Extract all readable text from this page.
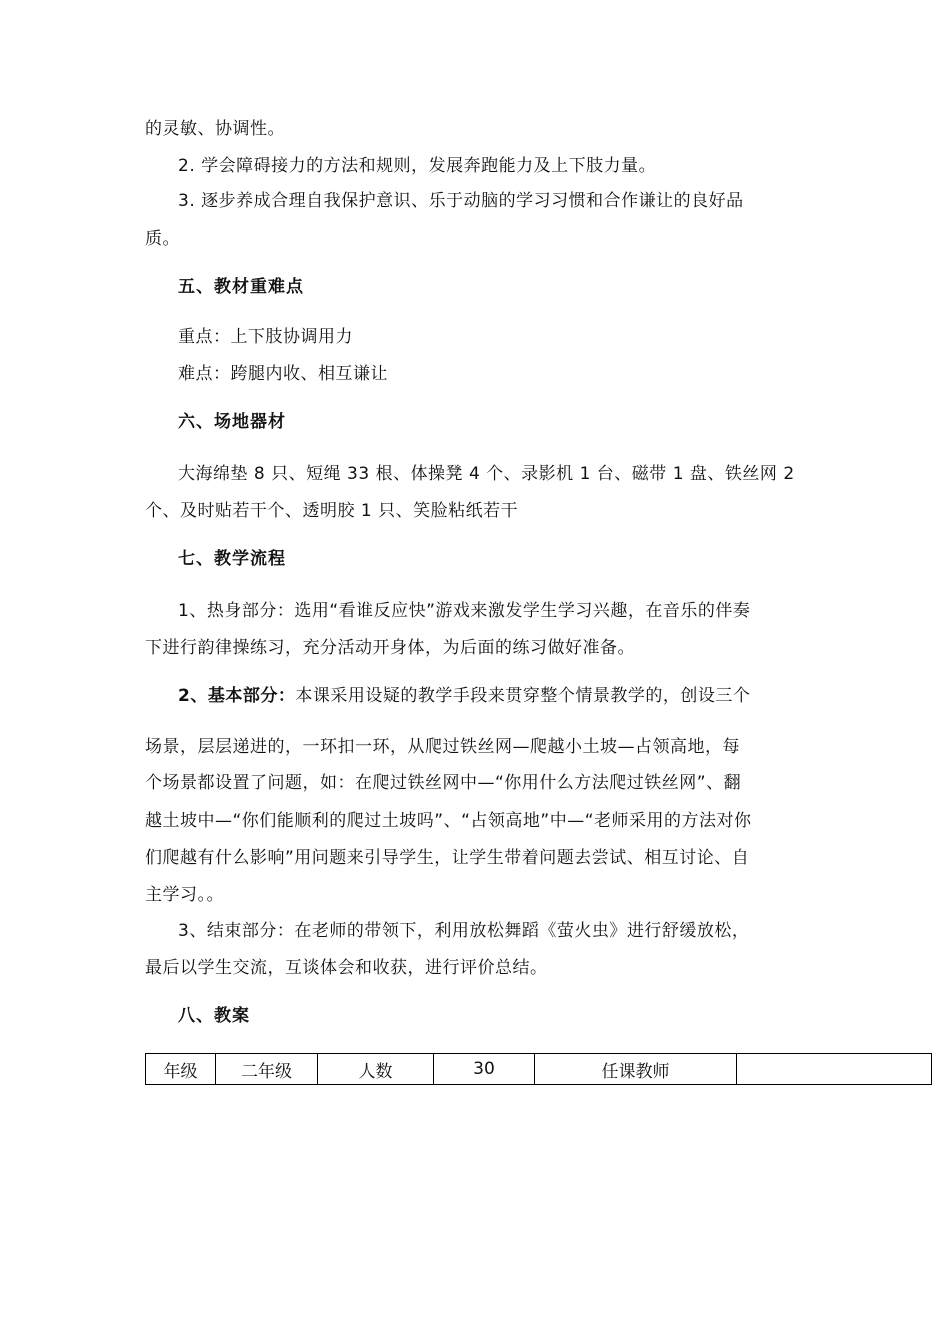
的灵敏、协调性。
2. 学会障碍接力的方法和规则，发展奔跑能力及上下肢力量。
3. 逐步养成合理自我保护意识、乐于动脑的学习习惯和合作谦让的良好品
质。
五、教材重难点
重点：上下肢协调用力
难点：跨腿内收、相互谦让
六、场地器材
大海绵垫 8 只、短绳 33 根、体操凳 4 个、录影机 1 台、磁带 1 盘、铁丝网 2
个、及时贴若干个、透明胶 1 只、笑脸粘纸若干
七、教学流程
1、热身部分：选用“看谁反应快”游戏来激发学生学习兴趣，在音乐的伴奏
下进行韵律操练习，充分活动开身体，为后面的练习做好准备。
2、基本部分：本课采用设疑的教学手段来贯穿整个情景教学的，创设三个
场景，层层递进的，一环扣一环，从爬过铁丝网—爬越小土坡—占领高地，每
个场景都设置了问题，如：在爬过铁丝网中—“你用什么方法爬过铁丝网”、翻
越土坡中—“你们能顺利的爬过土坡吗”、“占领高地”中—“老师采用的方法对你
们爬越有什么影响”用问题来引导学生，让学生带着问题去尝试、相互讨论、自
主学习。。
3、结束部分：在老师的带领下，利用放松舞蹈《萤火虫》进行舒缓放松，
最后以学生交流，互谈体会和收获，进行评价总结。
八、教案
年级	二年级	人数	30	任课教师	
